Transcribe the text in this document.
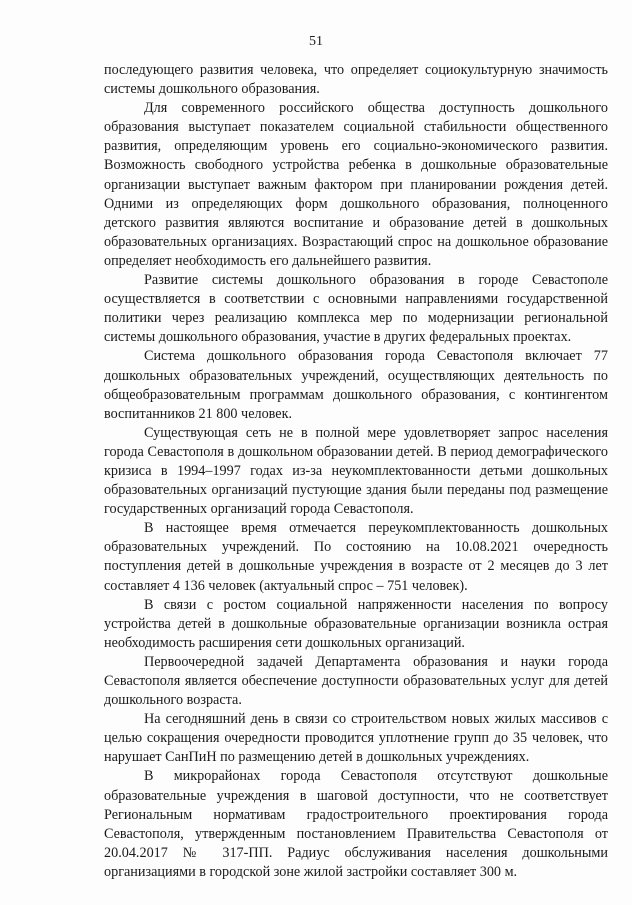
51

последующего развития человека, что определяет социокультурную значимость системы дошкольного образования.

Для современного российского общества доступность дошкольного образования выступает показателем социальной стабильности общественного развития, определяющим уровень его социально-экономического развития. Возможность свободного устройства ребенка в дошкольные образовательные организации выступает важным фактором при планировании рождения детей. Одними из определяющих форм дошкольного образования, полноценного детского развития являются воспитание и образование детей в дошкольных образовательных организациях. Возрастающий спрос на дошкольное образование определяет необходимость его дальнейшего развития.

Развитие системы дошкольного образования в городе Севастополе осуществляется в соответствии с основными направлениями государственной политики через реализацию комплекса мер по модернизации региональной системы дошкольного образования, участие в других федеральных проектах.

Система дошкольного образования города Севастополя включает 77 дошкольных образовательных учреждений, осуществляющих деятельность по общеобразовательным программам дошкольного образования, с контингентом воспитанников 21 800 человек.

Существующая сеть не в полной мере удовлетворяет запрос населения города Севастополя в дошкольном образовании детей. В период демографического кризиса в 1994–1997 годах из-за неукомплектованности детьми дошкольных образовательных организаций пустующие здания были переданы под размещение государственных организаций города Севастополя.

В настоящее время отмечается переукомплектованность дошкольных образовательных учреждений. По состоянию на 10.08.2021 очередность поступления детей в дошкольные учреждения в возрасте от 2 месяцев до 3 лет составляет 4 136 человек (актуальный спрос – 751 человек).

В связи с ростом социальной напряженности населения по вопросу устройства детей в дошкольные образовательные организации возникла острая необходимость расширения сети дошкольных организаций.

Первоочередной задачей Департамента образования и науки города Севастополя является обеспечение доступности образовательных услуг для детей дошкольного возраста.

На сегодняшний день в связи со строительством новых жилых массивов с целью сокращения очередности проводится уплотнение групп до 35 человек, что нарушает СанПиН по размещению детей в дошкольных учреждениях.

В микрорайонах города Севастополя отсутствуют дошкольные образовательные учреждения в шаговой доступности, что не соответствует Региональным нормативам градостроительного проектирования города Севастополя, утвержденным постановлением Правительства Севастополя от 20.04.2017 № 317-ПП. Радиус обслуживания населения дошкольными организациями в городской зоне жилой застройки составляет 300 м.
